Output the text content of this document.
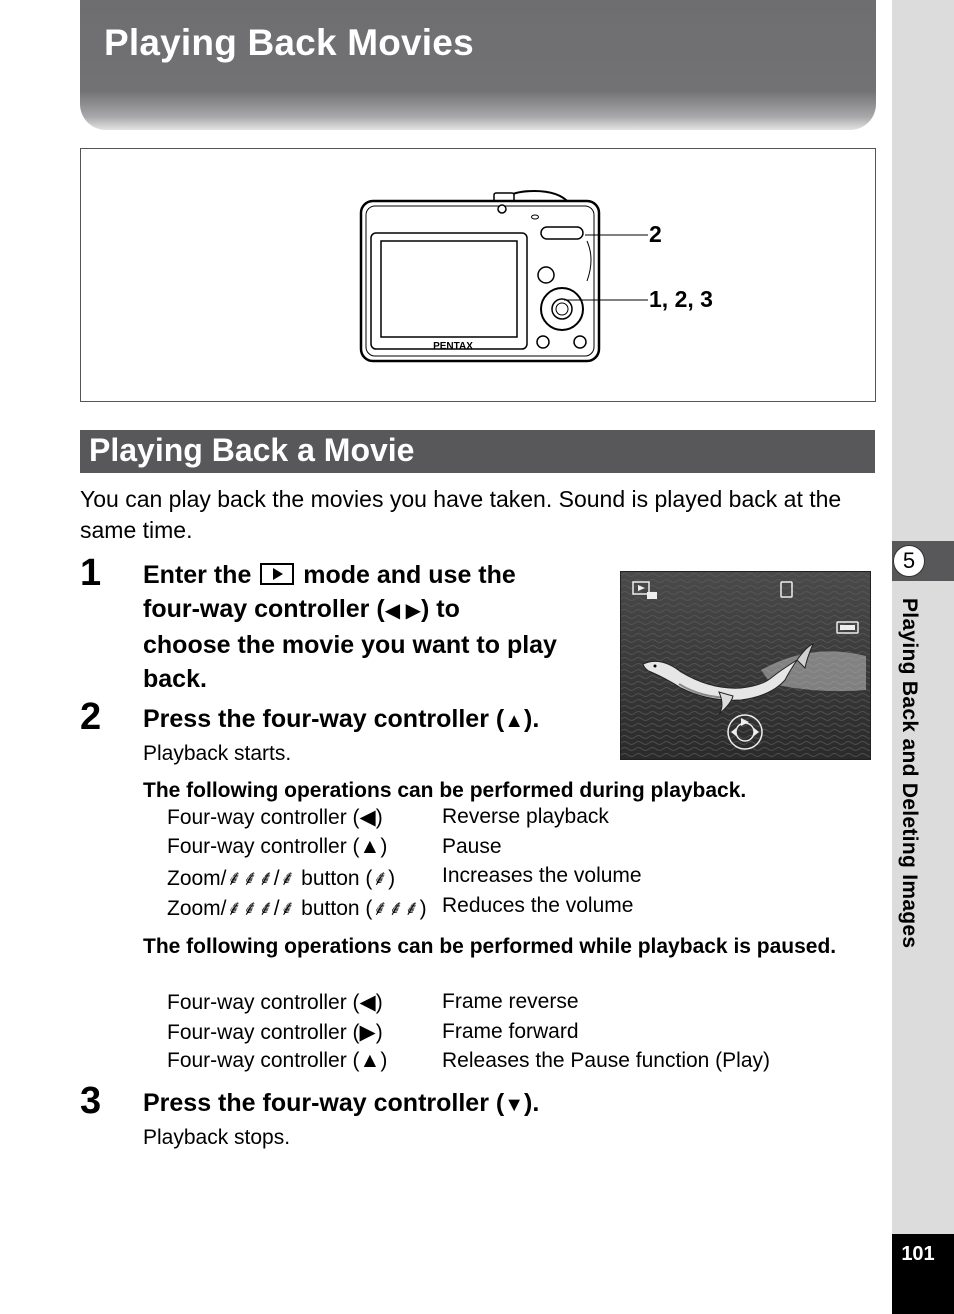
Playing Back Movies
PENTAX
2
1, 2, 3
Playing Back a Movie
You can play back the movies you have taken. Sound is played back at the same time.
1 Enter the mode and use the
four-way controller (◀ ▶) to
choose the movie you want to play
back.
2 Press the four-way controller (▲).
Playback starts.
The following operations can be performed during playback.
Four-way controller (◀)	Reverse playback
Four-way controller (▲)	Pause
Zoom/⸙⸙⸙/⸙ button (⸙) Increases the volume
Zoom/⸙⸙⸙/⸙ button (⸙⸙⸙) Reduces the volume
The following operations can be performed while playback is paused.
Four-way controller (◀)	Frame reverse
Four-way controller (▶)	Frame forward
Four-way controller (▲)	Releases the Pause function (Play)
3 Press the four-way controller (▼).
Playback stops.
5
Playing Back and Deleting Images
101
